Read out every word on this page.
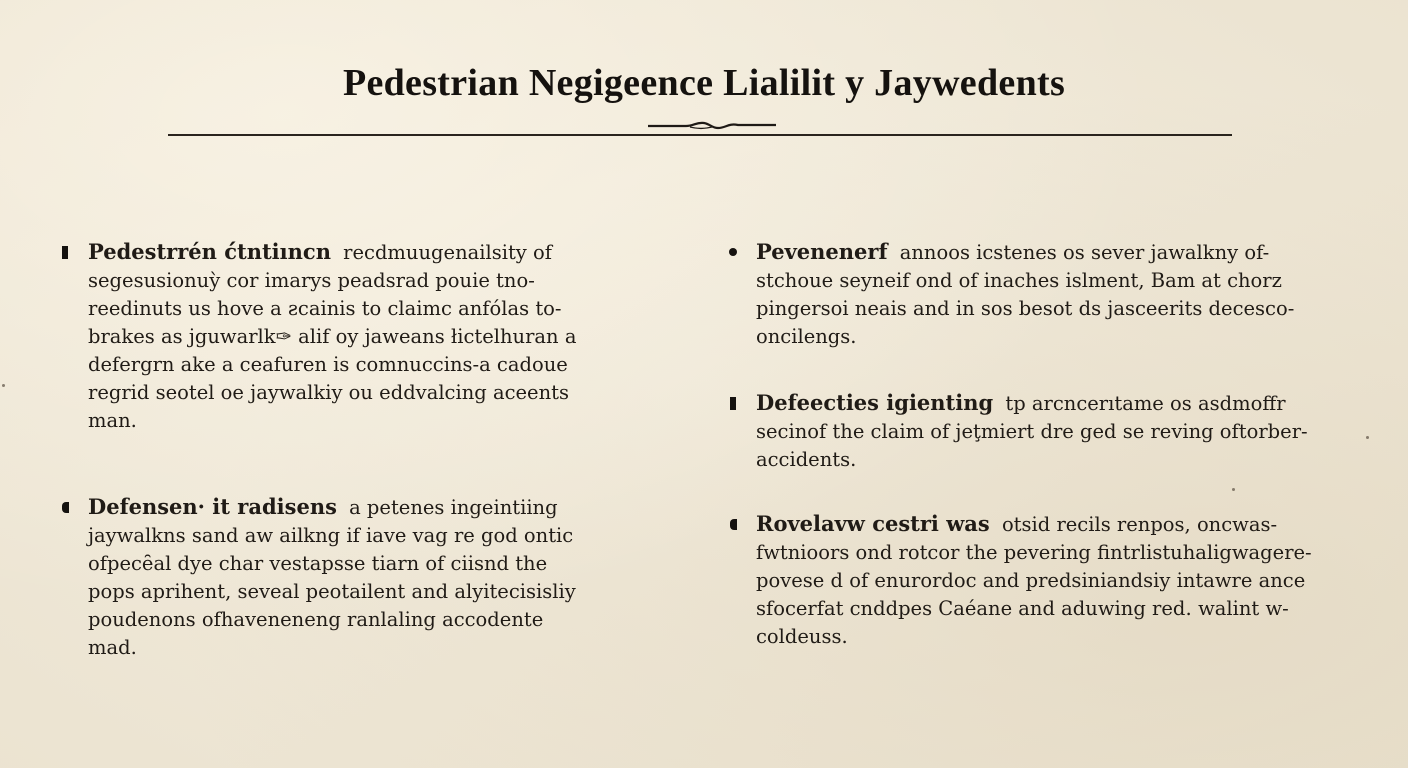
Pedestrian Negigeence Lialilit y Jaywedents
Pedestrrén ć́tntiıncn recdmuugenailsity of segesusionuỳ cor imarys peadsrad pouie tno-reedinuts us hove a ƨcainis to claimc anfólas to-brakes as jguwarlk✑ alif oy jaweans łictelhuran a defergrn ake a ceafuren is comnuccins-a cadoue regrid seotel oe jaywalkiy ou eddvalcing aceents man.
Defensen· it radisens a petenes ingeintiing jaywalkns sand aw ailkng if iave vag re god ontic ofpecȇal dye char vestapsse tiarn of ciisnd the pops aprihent, seveal peotailent and alyitecisisliy poudenons ofhaveneneng ranlaling accodente mad.
Pevenenerf annoos icstenes os sever jawalkny of-stchoue seyneif ond of inaches islment, Bam at chorz pingersoi neais and in sos besot ds jasceerits decesco-oncilengs.
Defeecties igienting tp arcncerıtame os asdmoffr secinof the claim of jeţmiert dre ged se reving oftorber-accidents.
Rovelavw cestri was otsid recils renpos, oncwas-fwtnioors ond rotcor the pevering fintrlistuhaligwagere-povese d of enurordoc and predsiniandsiy intawre ance sfocerfat cnddpes Caéane and aduwing red․ walint w-coldeuss.
